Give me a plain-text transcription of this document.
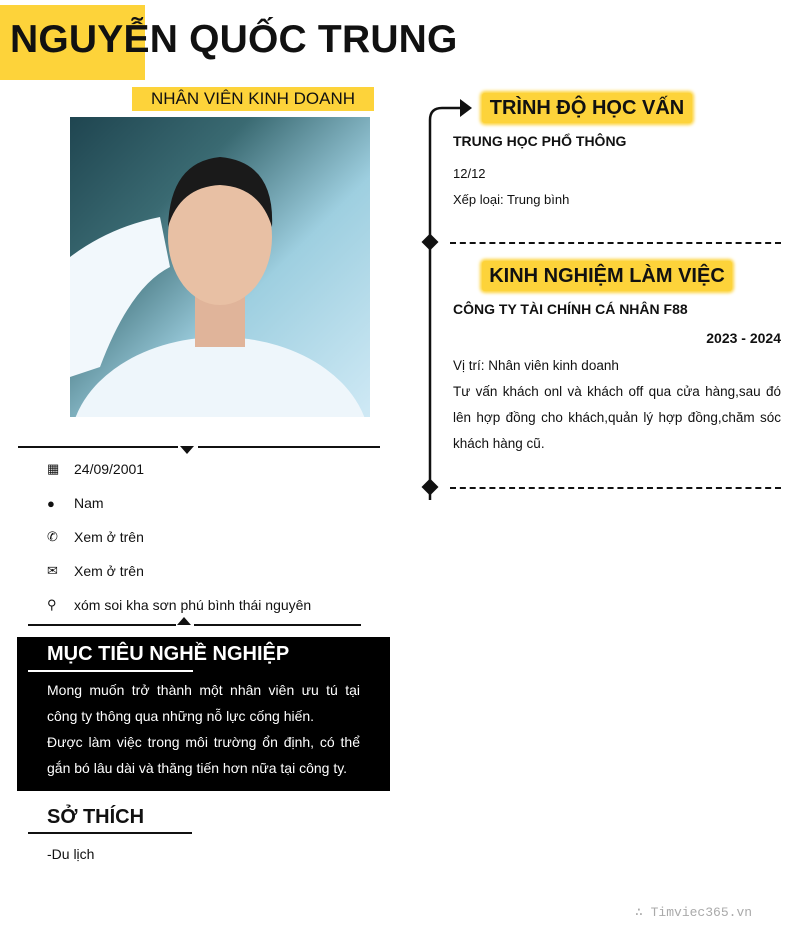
NGUYỄN QUỐC TRUNG
NHÂN VIÊN KINH DOANH
▦	24/09/2001
●	Nam
✆	Xem ở trên
✉	Xem ở trên
⚲	xóm soi kha sơn phú bình thái nguyên
MỤC TIÊU NGHỀ NGHIỆP
Mong muốn trở thành một nhân viên ưu tú tại công ty thông qua những nỗ lực cống hiến.
Được làm việc trong môi trường ổn định, có thể gắn bó lâu dài và thăng tiến hơn nữa tại công ty.
SỞ THÍCH
-Du lịch
TRÌNH ĐỘ HỌC VẤN
TRUNG HỌC PHỔ THÔNG
12/12
Xếp loại: Trung bình
KINH NGHIỆM LÀM VIỆC
CÔNG TY TÀI CHÍNH CÁ NHÂN F88
2023 - 2024
Vị trí: Nhân viên kinh doanh
Tư vấn khách onl và khách off qua cửa hàng,sau đó lên hợp đồng cho khách,quản lý hợp đồng,chăm sóc khách hàng cũ.
∴ Timviec365.vn
